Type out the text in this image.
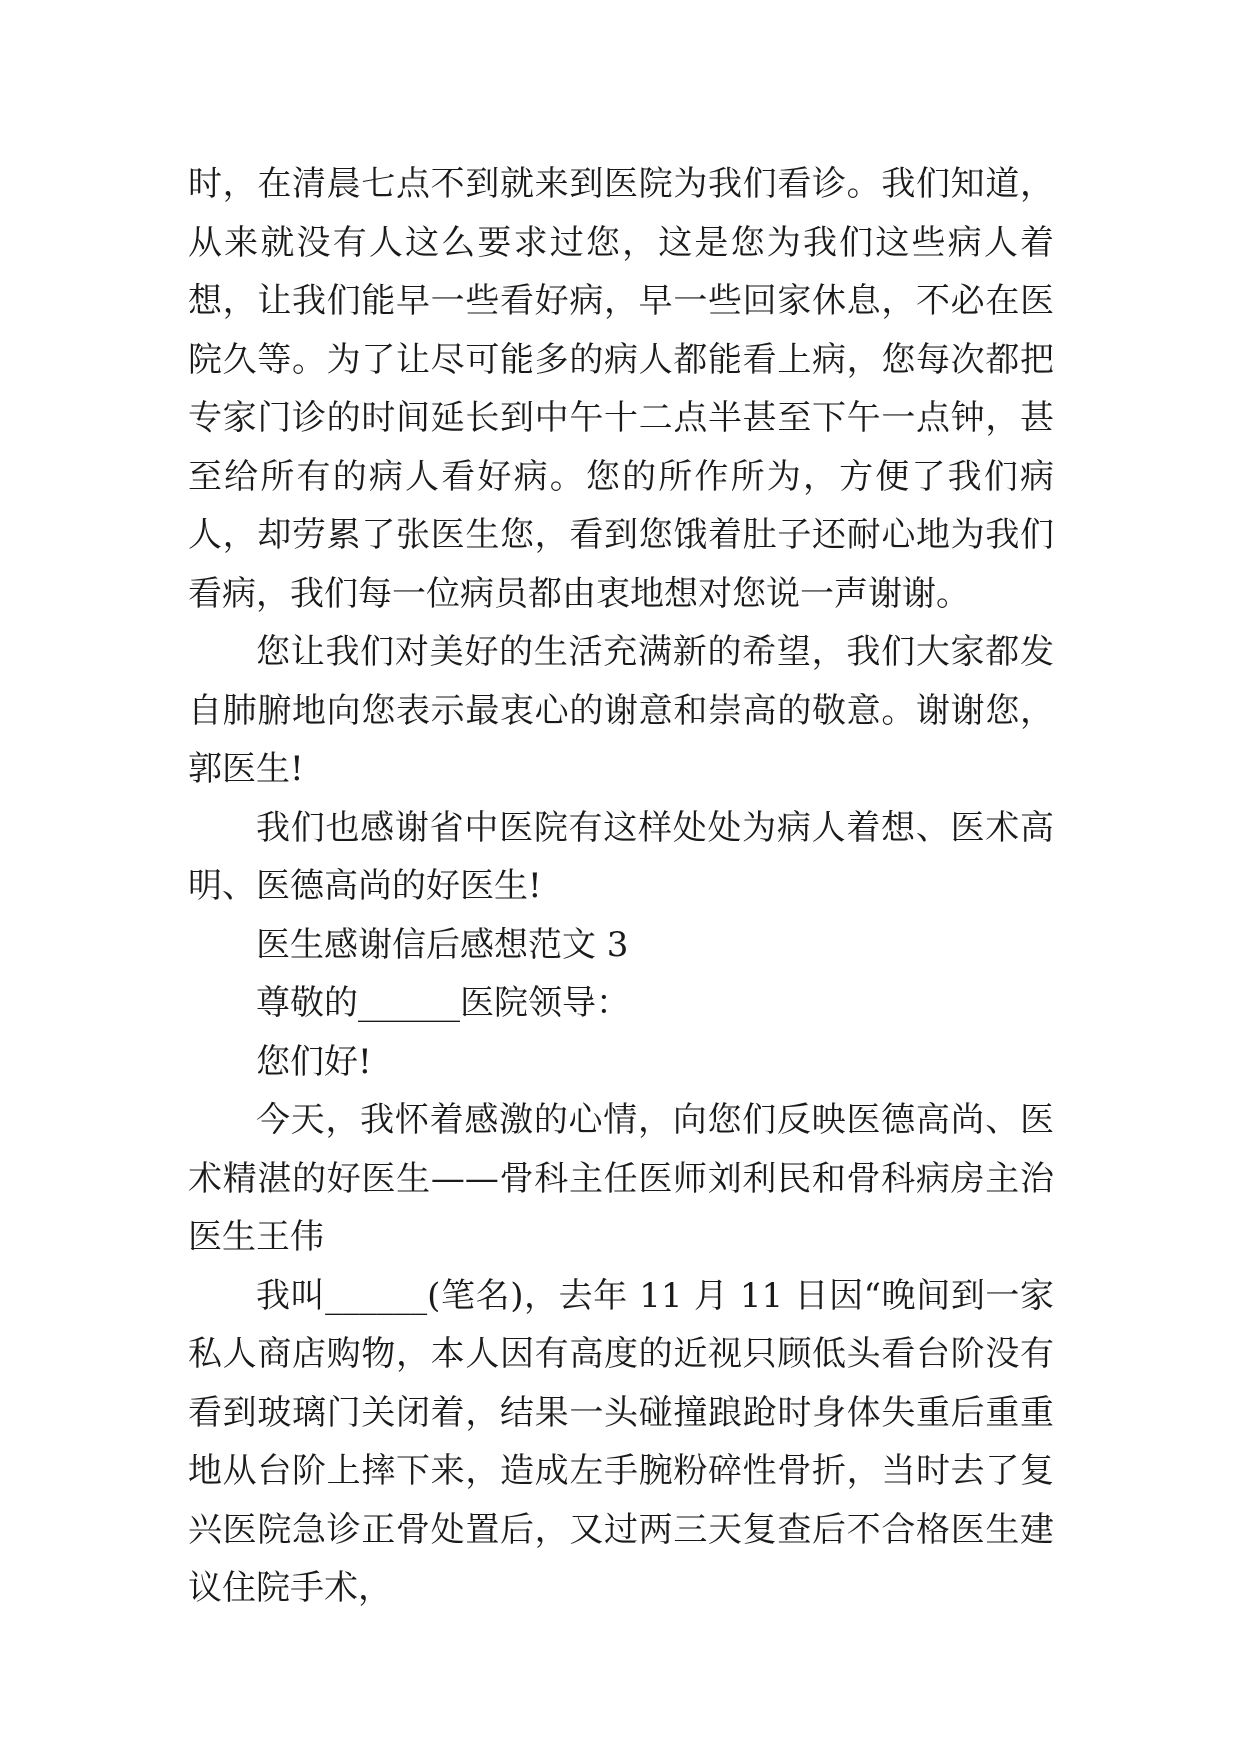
时，在清晨七点不到就来到医院为我们看诊。我们知道，从来就没有人这么要求过您，这是您为我们这些病人着想，让我们能早一些看好病，早一些回家休息，不必在医院久等。为了让尽可能多的病人都能看上病，您每次都把专家门诊的时间延长到中午十二点半甚至下午一点钟，甚至给所有的病人看好病。您的所作所为，方便了我们病人，却劳累了张医生您，看到您饿着肚子还耐心地为我们看病，我们每一位病员都由衷地想对您说一声谢谢。

您让我们对美好的生活充满新的希望，我们大家都发自肺腑地向您表示最衷心的谢意和崇高的敬意。谢谢您，郭医生!

我们也感谢省中医院有这样处处为病人着想、医术高明、医德高尚的好医生!

医生感谢信后感想范文 3

尊敬的______医院领导：

您们好!

今天，我怀着感激的心情，向您们反映医德高尚、医术精湛的好医生——骨科主任医师刘利民和骨科病房主治医生王伟

我叫______(笔名)，去年 11 月 11 日因“晚间到一家私人商店购物，本人因有高度的近视只顾低头看台阶没有看到玻璃门关闭着，结果一头碰撞踉跄时身体失重后重重地从台阶上摔下来，造成左手腕粉碎性骨折，当时去了复兴医院急诊正骨处置后，又过两三天复查后不合格医生建议住院手术，
